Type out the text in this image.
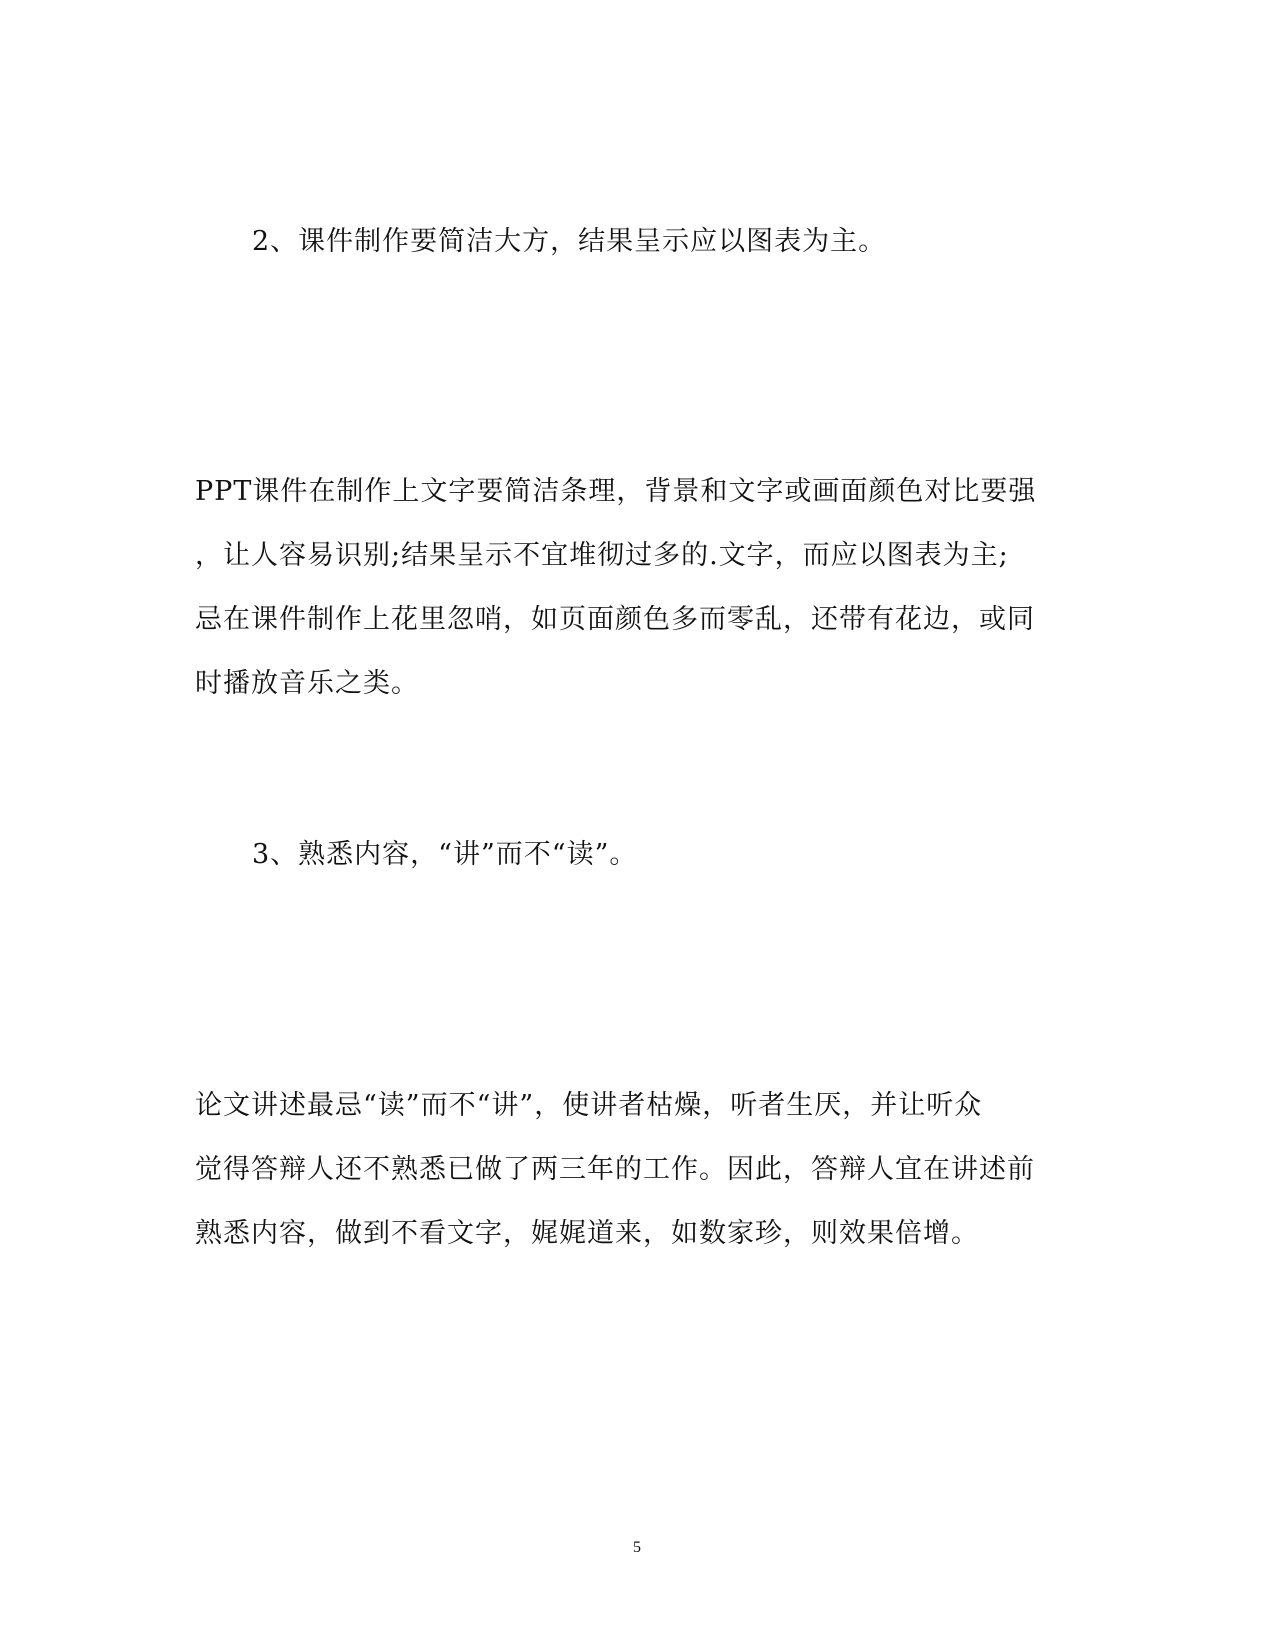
2、课件制作要简洁大方，结果呈示应以图表为主。
PPT课件在制作上文字要简洁条理，背景和文字或画面颜色对比要强
，让人容易识别;结果呈示不宜堆彻过多的.文字，而应以图表为主;
忌在课件制作上花里忽哨，如页面颜色多而零乱，还带有花边，或同
时播放音乐之类。
3、熟悉内容，“讲”而不“读”。
论文讲述最忌“读”而不“讲”，使讲者枯燥，听者生厌，并让听众
觉得答辩人还不熟悉已做了两三年的工作。因此，答辩人宜在讲述前
熟悉内容，做到不看文字，娓娓道来，如数家珍，则效果倍增。
5
